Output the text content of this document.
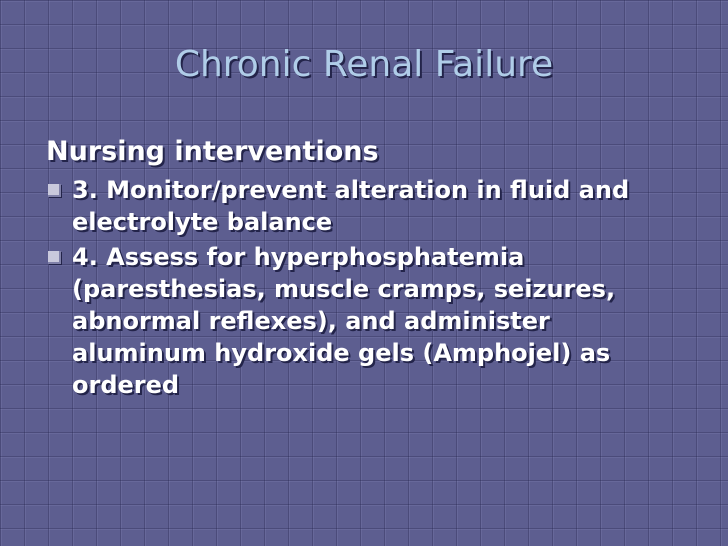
Chronic Renal Failure
Nursing interventions
3. Monitor/prevent alteration in fluid and electrolyte balance
4. Assess for hyperphosphatemia (paresthesias, muscle cramps, seizures, abnormal reflexes), and administer aluminum hydroxide gels (Amphojel) as ordered
